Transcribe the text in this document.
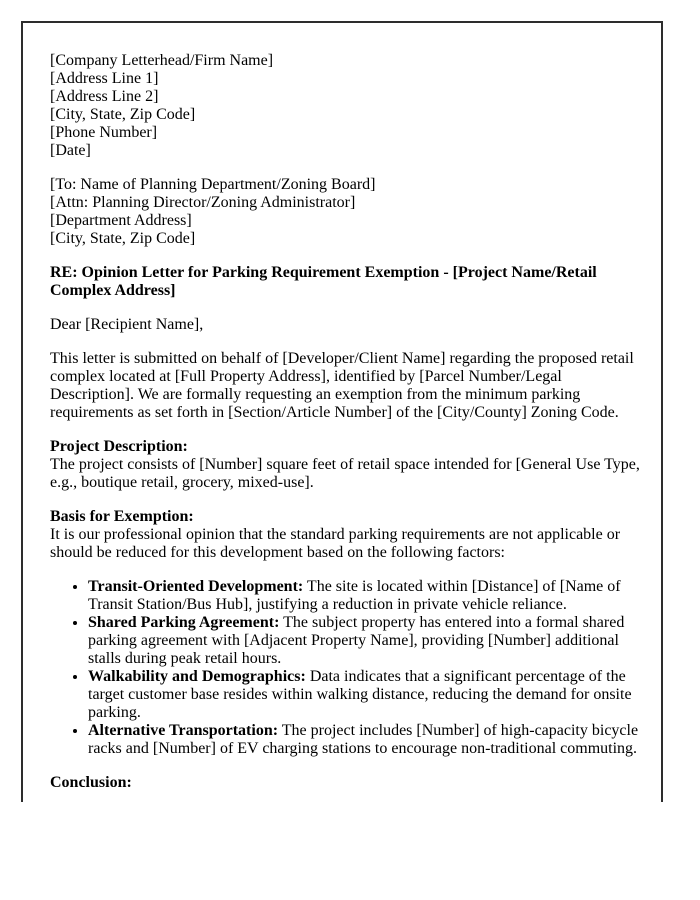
[Company Letterhead/Firm Name]
[Address Line 1]
[Address Line 2]
[City, State, Zip Code]
[Phone Number]
[Date]

[To: Name of Planning Department/Zoning Board]
[Attn: Planning Director/Zoning Administrator]
[Department Address]
[City, State, Zip Code]

RE: Opinion Letter for Parking Requirement Exemption - [Project Name/Retail Complex Address]

Dear [Recipient Name],

This letter is submitted on behalf of [Developer/Client Name] regarding the proposed retail complex located at [Full Property Address], identified by [Parcel Number/Legal Description]. We are formally requesting an exemption from the minimum parking requirements as set forth in [Section/Article Number] of the [City/County] Zoning Code.

Project Description:
The project consists of [Number] square feet of retail space intended for [General Use Type, e.g., boutique retail, grocery, mixed-use].

Basis for Exemption:
It is our professional opinion that the standard parking requirements are not applicable or should be reduced for this development based on the following factors:

• Transit-Oriented Development: The site is located within [Distance] of [Name of Transit Station/Bus Hub], justifying a reduction in private vehicle reliance.
• Shared Parking Agreement: The subject property has entered into a formal shared parking agreement with [Adjacent Property Name], providing [Number] additional stalls during peak retail hours.
• Walkability and Demographics: Data indicates that a significant percentage of the target customer base resides within walking distance, reducing the demand for onsite parking.
• Alternative Transportation: The project includes [Number] of high-capacity bicycle racks and [Number] of EV charging stations to encourage non-traditional commuting.

Conclusion:
